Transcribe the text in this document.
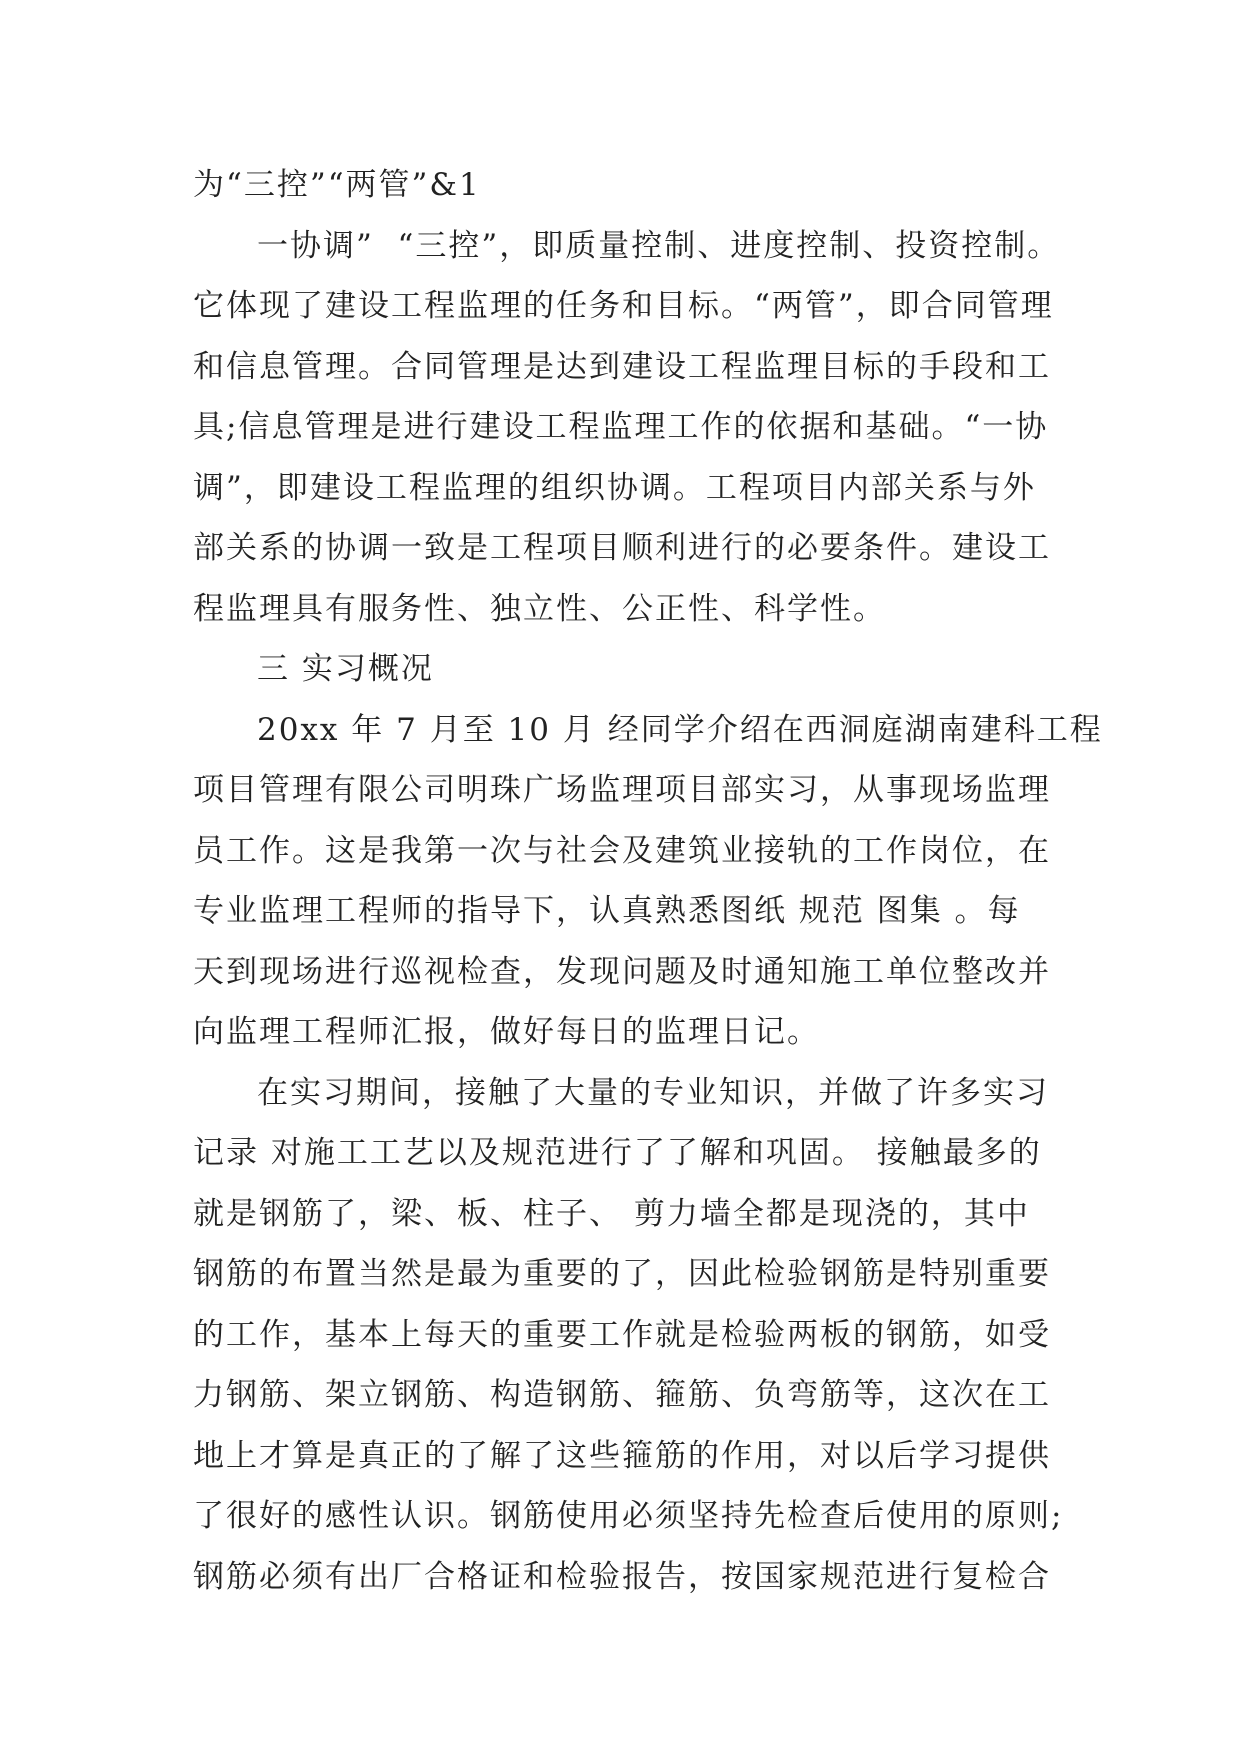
为“三控”“两管”&1
一协调”  “三控”，即质量控制、进度控制、投资控制。
它体现了建设工程监理的任务和目标。“两管”，即合同管理
和信息管理。合同管理是达到建设工程监理目标的手段和工
具;信息管理是进行建设工程监理工作的依据和基础。“一协
调”，即建设工程监理的组织协调。工程项目内部关系与外
部关系的协调一致是工程项目顺利进行的必要条件。建设工
程监理具有服务性、独立性、公正性、科学性。
三 实习概况
20xx 年 7 月至 10 月 经同学介绍在西洞庭湖南建科工程
项目管理有限公司明珠广场监理项目部实习，从事现场监理
员工作。这是我第一次与社会及建筑业接轨的工作岗位，在
专业监理工程师的指导下，认真熟悉图纸 规范 图集 。每
天到现场进行巡视检查，发现问题及时通知施工单位整改并
向监理工程师汇报，做好每日的监理日记。
在实习期间，接触了大量的专业知识，并做了许多实习
记录 对施工工艺以及规范进行了了解和巩固。 接触最多的
就是钢筋了，梁、板、柱子、 剪力墙全都是现浇的，其中
钢筋的布置当然是最为重要的了，因此检验钢筋是特别重要
的工作，基本上每天的重要工作就是检验两板的钢筋，如受
力钢筋、架立钢筋、构造钢筋、箍筋、负弯筋等，这次在工
地上才算是真正的了解了这些箍筋的作用，对以后学习提供
了很好的感性认识。钢筋使用必须坚持先检查后使用的原则;
钢筋必须有出厂合格证和检验报告，按国家规范进行复检合
